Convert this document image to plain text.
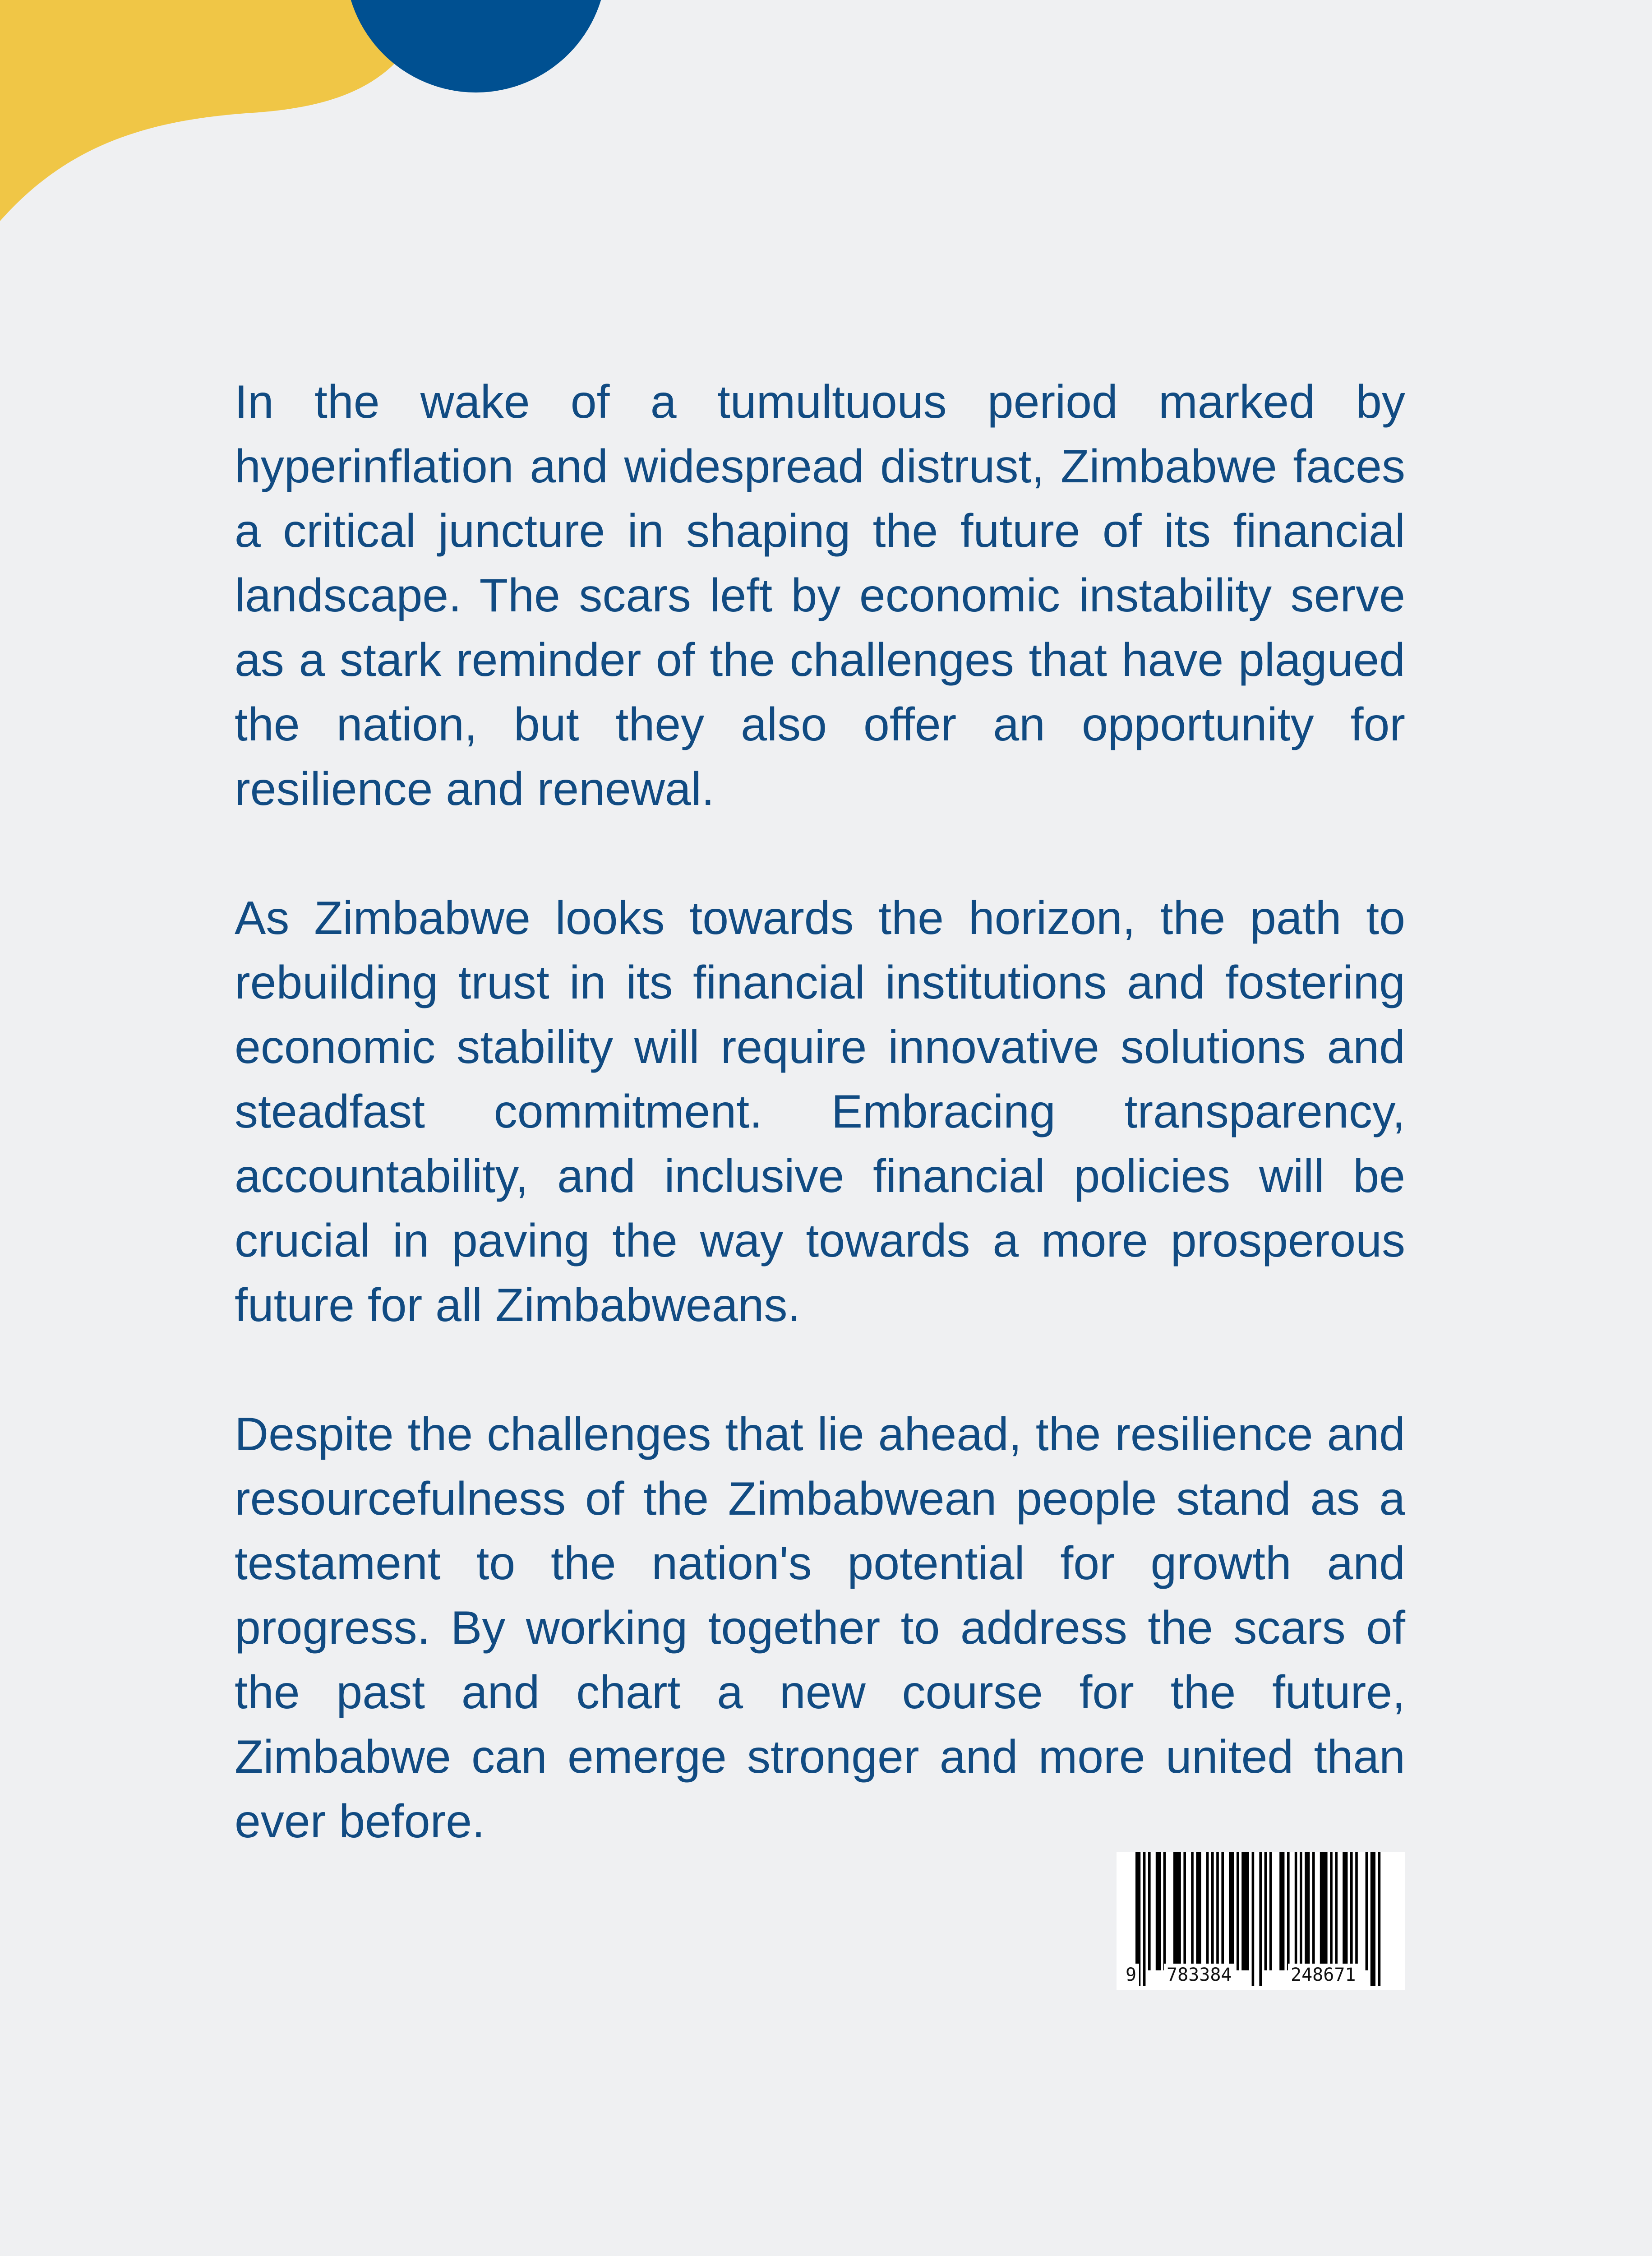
In the wake of a tumultuous period marked by hyperinflation and widespread distrust, Zimbabwe faces a critical juncture in shaping the future of its financial landscape. The scars left by economic instability serve as a stark reminder of the challenges that have plagued the nation, but they also offer an opportunity for resilience and renewal.

As Zimbabwe looks towards the horizon, the path to rebuilding trust in its financial institutions and fostering economic stability will require innovative solutions and steadfast commitment. Embracing transparency, accountability, and inclusive financial policies will be crucial in paving the way towards a more prosperous future for all Zimbabweans.

Despite the challenges that lie ahead, the resilience and resourcefulness of the Zimbabwean people stand as a testament to the nation's potential for growth and progress. By working together to address the scars of the past and chart a new course for the future, Zimbabwe can emerge stronger and more united than ever before.

9 783384	248671
